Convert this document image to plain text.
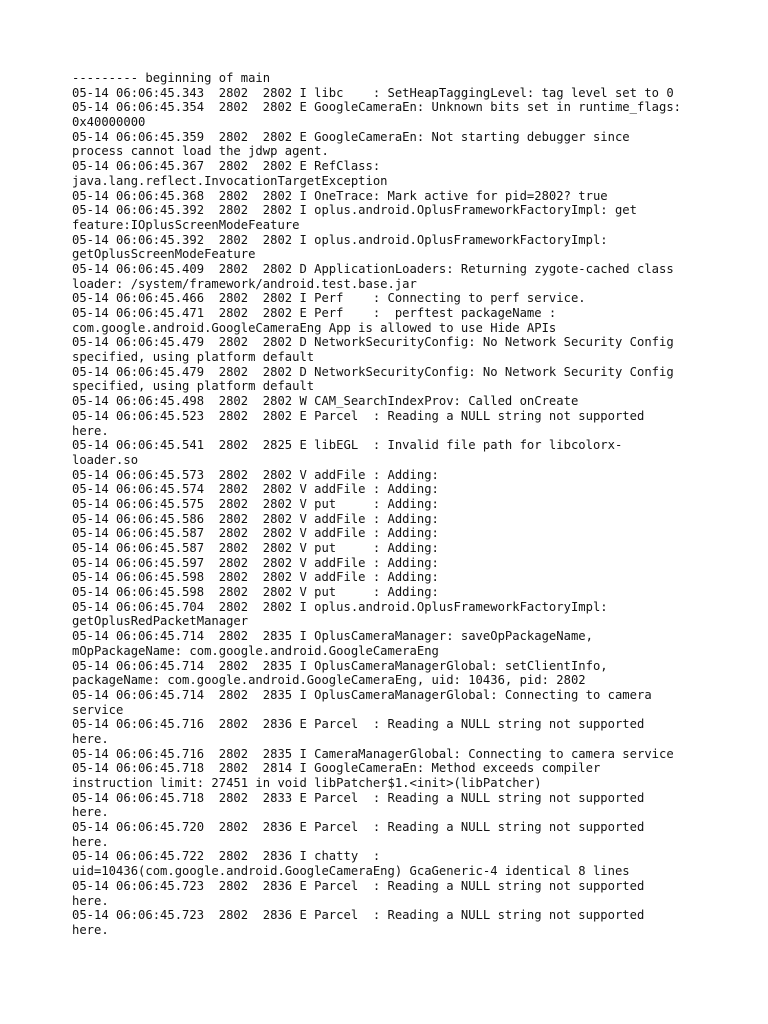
--------- beginning of main
05-14 06:06:45.343  2802  2802 I libc    : SetHeapTaggingLevel: tag level set to 0
05-14 06:06:45.354  2802  2802 E GoogleCameraEn: Unknown bits set in runtime_flags:
0x40000000
05-14 06:06:45.359  2802  2802 E GoogleCameraEn: Not starting debugger since
process cannot load the jdwp agent.
05-14 06:06:45.367  2802  2802 E RefClass:
java.lang.reflect.InvocationTargetException
05-14 06:06:45.368  2802  2802 I OneTrace: Mark active for pid=2802? true
05-14 06:06:45.392  2802  2802 I oplus.android.OplusFrameworkFactoryImpl: get
feature:IOplusScreenModeFeature
05-14 06:06:45.392  2802  2802 I oplus.android.OplusFrameworkFactoryImpl:
getOplusScreenModeFeature
05-14 06:06:45.409  2802  2802 D ApplicationLoaders: Returning zygote-cached class
loader: /system/framework/android.test.base.jar
05-14 06:06:45.466  2802  2802 I Perf    : Connecting to perf service.
05-14 06:06:45.471  2802  2802 E Perf    :  perftest packageName :
com.google.android.GoogleCameraEng App is allowed to use Hide APIs
05-14 06:06:45.479  2802  2802 D NetworkSecurityConfig: No Network Security Config
specified, using platform default
05-14 06:06:45.479  2802  2802 D NetworkSecurityConfig: No Network Security Config
specified, using platform default
05-14 06:06:45.498  2802  2802 W CAM_SearchIndexProv: Called onCreate
05-14 06:06:45.523  2802  2802 E Parcel  : Reading a NULL string not supported
here.
05-14 06:06:45.541  2802  2825 E libEGL  : Invalid file path for libcolorx-
loader.so
05-14 06:06:45.573  2802  2802 V addFile : Adding:
05-14 06:06:45.574  2802  2802 V addFile : Adding:
05-14 06:06:45.575  2802  2802 V put     : Adding:
05-14 06:06:45.586  2802  2802 V addFile : Adding:
05-14 06:06:45.587  2802  2802 V addFile : Adding:
05-14 06:06:45.587  2802  2802 V put     : Adding:
05-14 06:06:45.597  2802  2802 V addFile : Adding:
05-14 06:06:45.598  2802  2802 V addFile : Adding:
05-14 06:06:45.598  2802  2802 V put     : Adding:
05-14 06:06:45.704  2802  2802 I oplus.android.OplusFrameworkFactoryImpl:
getOplusRedPacketManager
05-14 06:06:45.714  2802  2835 I OplusCameraManager: saveOpPackageName,
mOpPackageName: com.google.android.GoogleCameraEng
05-14 06:06:45.714  2802  2835 I OplusCameraManagerGlobal: setClientInfo,
packageName: com.google.android.GoogleCameraEng, uid: 10436, pid: 2802
05-14 06:06:45.714  2802  2835 I OplusCameraManagerGlobal: Connecting to camera
service
05-14 06:06:45.716  2802  2836 E Parcel  : Reading a NULL string not supported
here.
05-14 06:06:45.716  2802  2835 I CameraManagerGlobal: Connecting to camera service
05-14 06:06:45.718  2802  2814 I GoogleCameraEn: Method exceeds compiler
instruction limit: 27451 in void libPatcher$1.<init>(libPatcher)
05-14 06:06:45.718  2802  2833 E Parcel  : Reading a NULL string not supported
here.
05-14 06:06:45.720  2802  2836 E Parcel  : Reading a NULL string not supported
here.
05-14 06:06:45.722  2802  2836 I chatty  :
uid=10436(com.google.android.GoogleCameraEng) GcaGeneric-4 identical 8 lines
05-14 06:06:45.723  2802  2836 E Parcel  : Reading a NULL string not supported
here.
05-14 06:06:45.723  2802  2836 E Parcel  : Reading a NULL string not supported
here.
